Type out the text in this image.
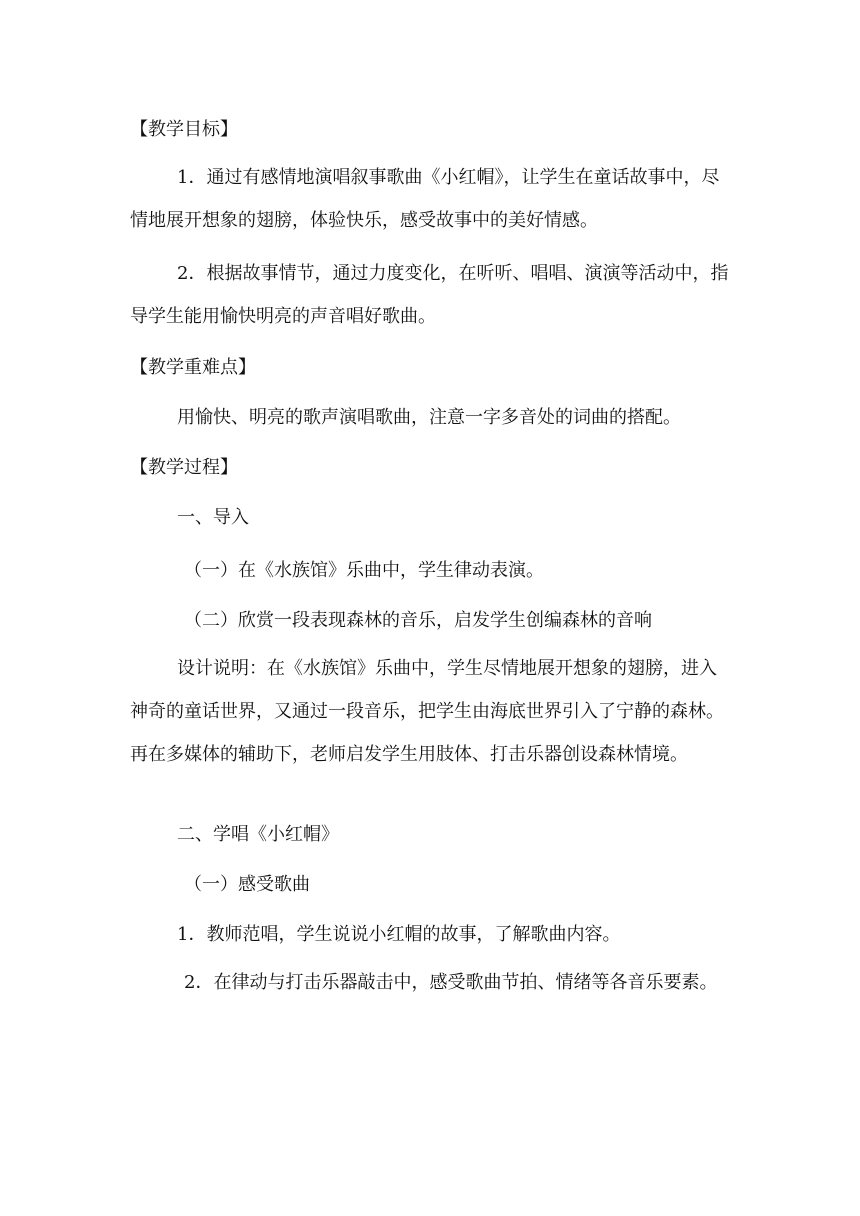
【教学目标】
1．通过有感情地演唱叙事歌曲《小红帽》，让学生在童话故事中，尽情地展开想象的翅膀，体验快乐，感受故事中的美好情感。
2．根据故事情节，通过力度变化，在听听、唱唱、演演等活动中，指导学生能用愉快明亮的声音唱好歌曲。
【教学重难点】
用愉快、明亮的歌声演唱歌曲，注意一字多音处的词曲的搭配。
【教学过程】
一、导入
（一）在《水族馆》乐曲中，学生律动表演。
（二）欣赏一段表现森林的音乐，启发学生创编森林的音响
设计说明：在《水族馆》乐曲中，学生尽情地展开想象的翅膀，进入神奇的童话世界，又通过一段音乐，把学生由海底世界引入了宁静的森林。再在多媒体的辅助下，老师启发学生用肢体、打击乐器创设森林情境。
二、学唱《小红帽》
（一）感受歌曲
1．教师范唱，学生说说小红帽的故事，了解歌曲内容。
2．在律动与打击乐器敲击中，感受歌曲节拍、情绪等各音乐要素。
